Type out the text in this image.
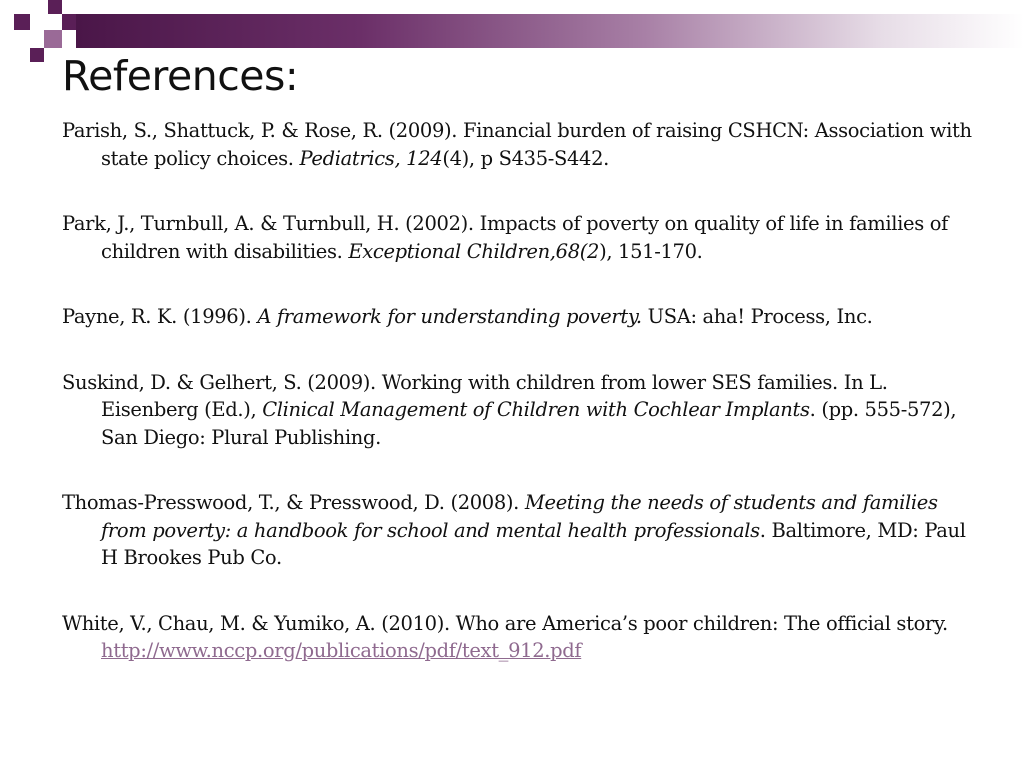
References:

Parish, S., Shattuck, P. & Rose, R. (2009). Financial burden of raising CSHCN: Association with state policy choices. Pediatrics, 124(4), p S435-S442.

Park, J., Turnbull, A. & Turnbull, H. (2002). Impacts of poverty on quality of life in families of children with disabilities. Exceptional Children,68(2), 151-170.

Payne, R. K. (1996). A framework for understanding poverty. USA: aha! Process, Inc.

Suskind, D. & Gelhert, S. (2009). Working with children from lower SES families. In L. Eisenberg (Ed.), Clinical Management of Children with Cochlear Implants. (pp. 555-572), San Diego: Plural Publishing.

Thomas-Presswood, T., & Presswood, D. (2008). Meeting the needs of students and families from poverty: a handbook for school and mental health professionals. Baltimore, MD: Paul H Brookes Pub Co.

White, V., Chau, M. & Yumiko, A. (2010). Who are America’s poor children: The official story. http://www.nccp.org/publications/pdf/text_912.pdf
